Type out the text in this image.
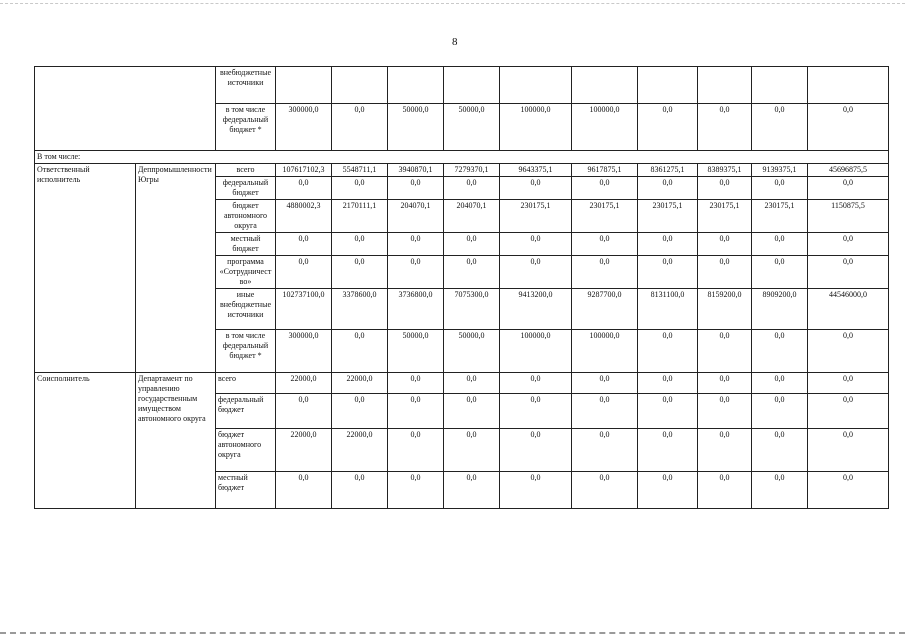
8
		внебюджетные источники										
		в том числе федеральный бюджет *	300000,0	0,0	50000,0	50000,0	100000,0	100000,0	0,0	0,0	0,0	0,0
В том числе:												
Ответственный исполнитель	Деппромышленности Югры	всего	107617102,3	5548711,1	3940870,1	7279370,1	9643375,1	9617875,1	8361275,1	8389375,1	9139375,1	45696875,5
		федеральный бюджет	0,0	0,0	0,0	0,0	0,0	0,0	0,0	0,0	0,0	0,0
		бюджет автономного округа	4880002,3	2170111,1	204070,1	204070,1	230175,1	230175,1	230175,1	230175,1	230175,1	1150875,5
		местный бюджет	0,0	0,0	0,0	0,0	0,0	0,0	0,0	0,0	0,0	0,0
		программа «Сотрудничество»	0,0	0,0	0,0	0,0	0,0	0,0	0,0	0,0	0,0	0,0
		иные внебюджетные источники	102737100,0	3378600,0	3736800,0	7075300,0	9413200,0	9287700,0	8131100,0	8159200,0	8909200,0	44546000,0
		в том числе федеральный бюджет *	300000,0	0,0	50000,0	50000,0	100000,0	100000,0	0,0	0,0	0,0	0,0
Соисполнитель	Департамент по управлению государственным имуществом автономного округа	всего	22000,0	22000,0	0,0	0,0	0,0	0,0	0,0	0,0	0,0	0,0
		федеральный бюджет	0,0	0,0	0,0	0,0	0,0	0,0	0,0	0,0	0,0	0,0
		бюджет автономного округа	22000,0	22000,0	0,0	0,0	0,0	0,0	0,0	0,0	0,0	0,0
		местный бюджет	0,0	0,0	0,0	0,0	0,0	0,0	0,0	0,0	0,0	0,0
